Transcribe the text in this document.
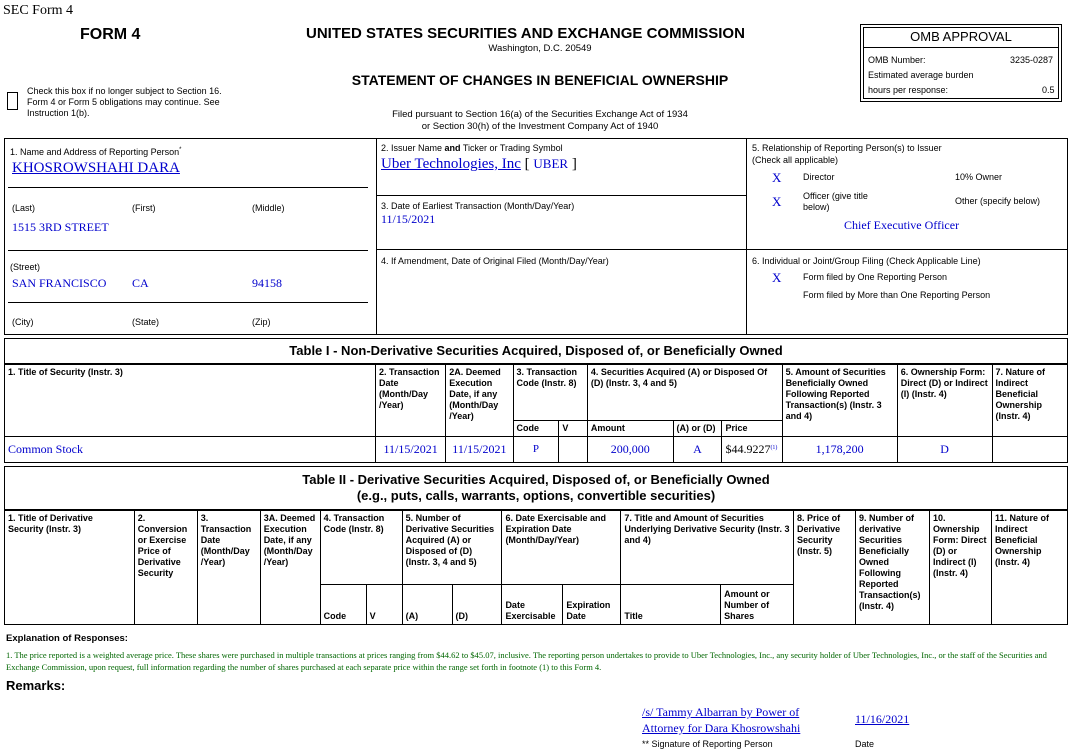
SEC Form 4
FORM 4	UNITED STATES SECURITIES AND EXCHANGE COMMISSION
Washington, D.C. 20549
STATEMENT OF CHANGES IN BENEFICIAL OWNERSHIP
Filed pursuant to Section 16(a) of the Securities Exchange Act of 1934
or Section 30(h) of the Investment Company Act of 1940
Check this box if no longer subject to Section 16. Form 4 or Form 5 obligations may continue. See Instruction 1(b).
OMB APPROVAL
OMB Number:	3235-0287
Estimated average burden
hours per response:	0.5
1. Name and Address of Reporting Person*
KHOSROWSHAHI DARA
(Last)	(First)	(Middle)
1515 3RD STREET
(Street)
SAN FRANCISCO CA	94158
(City)	(State)	(Zip)
2. Issuer Name and Ticker or Trading Symbol
Uber Technologies, Inc [ UBER ]
3. Date of Earliest Transaction (Month/Day/Year)
11/15/2021
4. If Amendment, Date of Original Filed (Month/Day/Year)
5. Relationship of Reporting Person(s) to Issuer
(Check all applicable)
X Director	10% Owner
X Officer (give title below)
Other (specify below)
Chief Executive Officer
6. Individual or Joint/Group Filing (Check Applicable Line)
X Form filed by One Reporting Person
Form filed by More than One Reporting Person
Table I - Non-Derivative Securities Acquired, Disposed of, or Beneficially Owned
1. Title of Security (Instr. 3)	2. Transaction Date (Month/Day /Year)	2A. Deemed Execution Date, if any (Month/Day /Year)	3. Transaction Code (Instr. 8)		4. Securities Acquired (A) or Disposed Of (D) (Instr. 3, 4 and 5)			5. Amount of Securities Beneficially Owned Following Reported Transaction(s) (Instr. 3 and 4)	6. Ownership Form: Direct (D) or Indirect (I) (Instr. 4)	7. Nature of Indirect Beneficial Ownership (Instr. 4)
			Code	V	Amount	(A) or (D)	Price			
Common Stock	11/15/2021	11/15/2021	P		200,000	A	$44.9227$^{(1)}$	1,178,200	D	
Table II - Derivative Securities Acquired, Disposed of, or Beneficially Owned
(e.g., puts, calls, warrants, options, convertible securities)
1. Title of Derivative Security (Instr. 3)	2. Conversion or Exercise Price of Derivative Security	3. Transaction Date (Month/Day /Year)	3A. Deemed Execution Date, if any (Month/Day /Year)	4. Transaction Code (Instr. 8)		5. Number of Derivative Securities Acquired (A) or Disposed of (D) (Instr. 3, 4 and 5)		6. Date Exercisable and Expiration Date (Month/Day/Year)		7. Title and Amount of Securities Underlying Derivative Security (Instr. 3 and 4)		8. Price of Derivative Security (Instr. 5)	9. Number of derivative Securities Beneficially Owned Following Reported Transaction(s) (Instr. 4)	10. Ownership Form: Direct (D) or Indirect (I) (Instr. 4)	11. Nature of Indirect Beneficial Ownership (Instr. 4)
				Code	V	(A)	(D)	Date Exercisable	Expiration Date	Title	Amount or Number of Shares				
Explanation of Responses:
1. The price reported is a weighted average price. These shares were purchased in multiple transactions at prices ranging from $44.62 to $45.07, inclusive. The reporting person undertakes to provide to Uber Technologies, Inc., any security holder of Uber Technologies, Inc., or the staff of the Securities and Exchange Commission, upon request, full information regarding the number of shares purchased at each separate price within the range set forth in footnote (1) to this Form 4.
Remarks:
/s/ Tammy Albarran by Power of
Attorney for Dara Khosrowshahi
11/16/2021
** Signature of Reporting Person	Date
